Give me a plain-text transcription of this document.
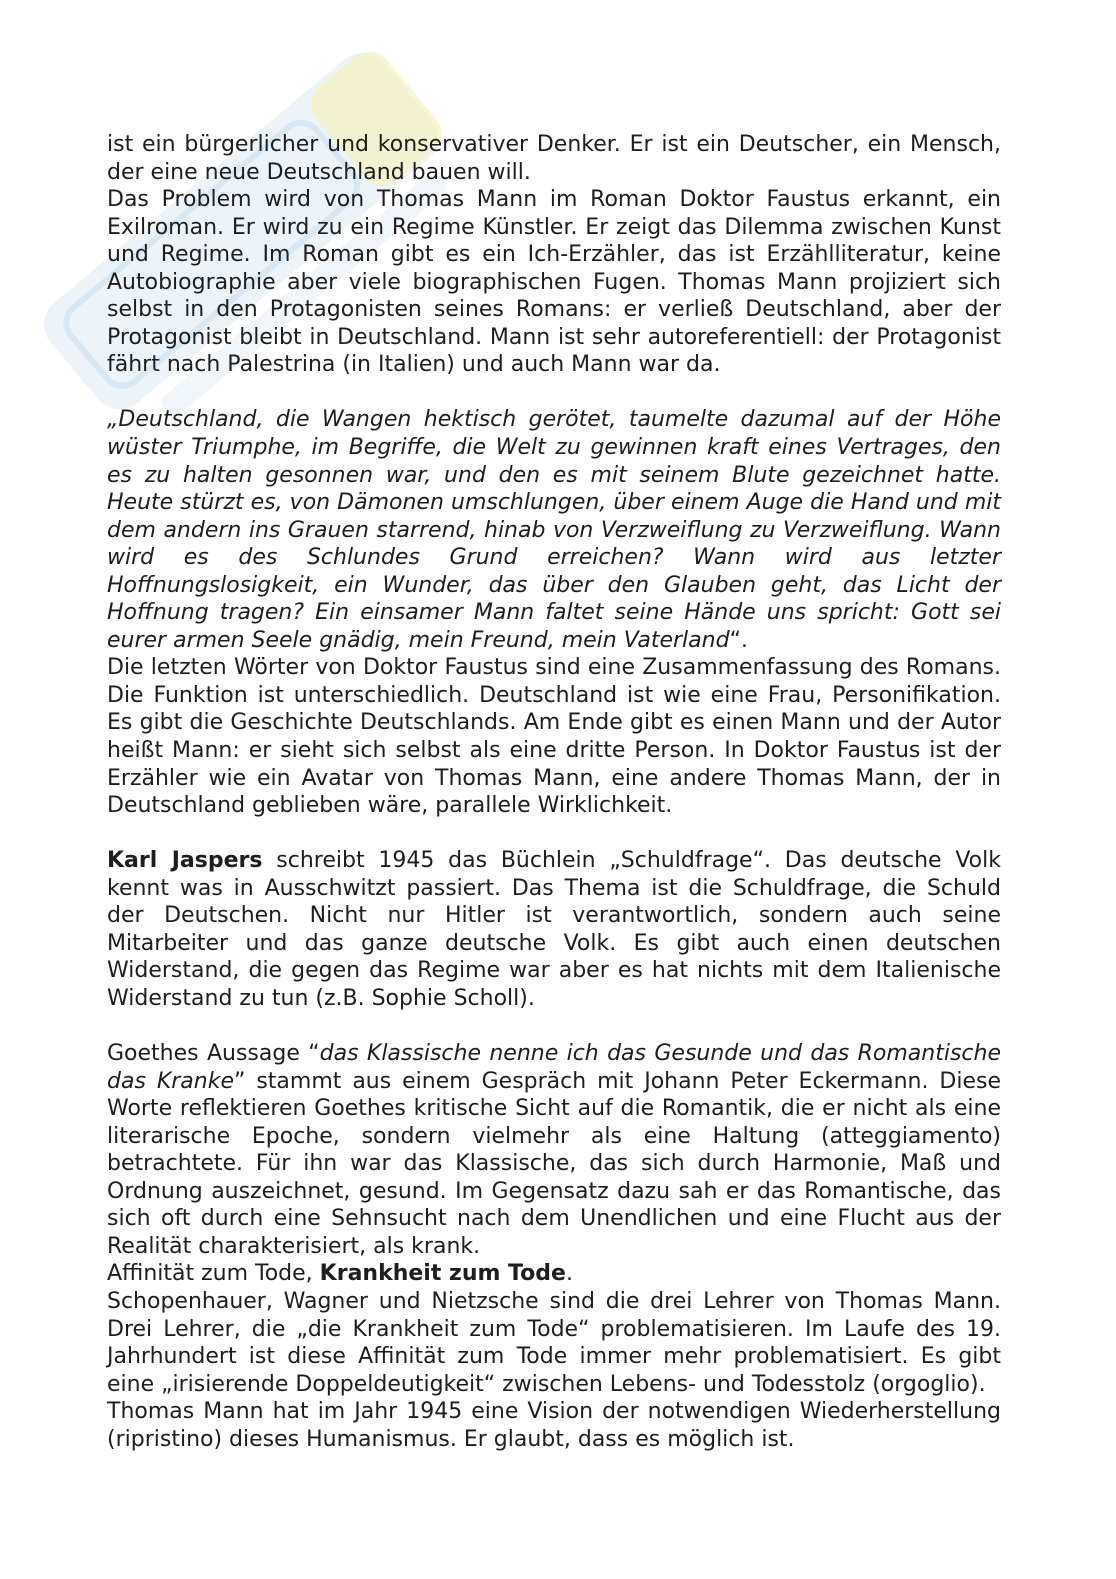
ist ein bürgerlicher und konservativer Denker. Er ist ein Deutscher, ein Mensch, der eine neue Deutschland bauen will.

Das Problem wird von Thomas Mann im Roman Doktor Faustus erkannt, ein Exilroman. Er wird zu ein Regime Künstler. Er zeigt das Dilemma zwischen Kunst und Regime. Im Roman gibt es ein Ich-Erzähler, das ist Erzählliteratur, keine Autobiographie aber viele biographischen Fugen. Thomas Mann projiziert sich selbst in den Protagonisten seines Romans: er verließ Deutschland, aber der Protagonist bleibt in Deutschland. Mann ist sehr autoreferentiell: der Protagonist fährt nach Palestrina (in Italien) und auch Mann war da.

„Deutschland, die Wangen hektisch gerötet, taumelte dazumal auf der Höhe wüster Triumphe, im Begriffe, die Welt zu gewinnen kraft eines Vertrages, den es zu halten gesonnen war, und den es mit seinem Blute gezeichnet hatte. Heute stürzt es, von Dämonen umschlungen, über einem Auge die Hand und mit dem andern ins Grauen starrend, hinab von Verzweiflung zu Verzweiflung. Wann wird es des Schlundes Grund erreichen? Wann wird aus letzter Hoffnungslosigkeit, ein Wunder, das über den Glauben geht, das Licht der Hoffnung tragen? Ein einsamer Mann faltet seine Hände uns spricht: Gott sei eurer armen Seele gnädig, mein Freund, mein Vaterland“.

Die letzten Wörter von Doktor Faustus sind eine Zusammenfassung des Romans. Die Funktion ist unterschiedlich. Deutschland ist wie eine Frau, Personifikation. Es gibt die Geschichte Deutschlands. Am Ende gibt es einen Mann und der Autor heißt Mann: er sieht sich selbst als eine dritte Person. In Doktor Faustus ist der Erzähler wie ein Avatar von Thomas Mann, eine andere Thomas Mann, der in Deutschland geblieben wäre, parallele Wirklichkeit.

Karl Jaspers schreibt 1945 das Büchlein „Schuldfrage“. Das deutsche Volk kennt was in Ausschwitzt passiert. Das Thema ist die Schuldfrage, die Schuld der Deutschen. Nicht nur Hitler ist verantwortlich, sondern auch seine Mitarbeiter und das ganze deutsche Volk. Es gibt auch einen deutschen Widerstand, die gegen das Regime war aber es hat nichts mit dem Italienische Widerstand zu tun (z.B. Sophie Scholl).

Goethes Aussage “das Klassische nenne ich das Gesunde und das Romantische das Kranke” stammt aus einem Gespräch mit Johann Peter Eckermann. Diese Worte reflektieren Goethes kritische Sicht auf die Romantik, die er nicht als eine literarische Epoche, sondern vielmehr als eine Haltung (atteggiamento) betrachtete. Für ihn war das Klassische, das sich durch Harmonie, Maß und Ordnung auszeichnet, gesund. Im Gegensatz dazu sah er das Romantische, das sich oft durch eine Sehnsucht nach dem Unendlichen und eine Flucht aus der Realität charakterisiert, als krank.

Affinität zum Tode, Krankheit zum Tode.

Schopenhauer, Wagner und Nietzsche sind die drei Lehrer von Thomas Mann. Drei Lehrer, die „die Krankheit zum Tode“ problematisieren. Im Laufe des 19. Jahrhundert ist diese Affinität zum Tode immer mehr problematisiert. Es gibt eine „irisierende Doppeldeutigkeit“ zwischen Lebens- und Todesstolz (orgoglio).

Thomas Mann hat im Jahr 1945 eine Vision der notwendigen Wiederherstellung (ripristino) dieses Humanismus. Er glaubt, dass es möglich ist.
